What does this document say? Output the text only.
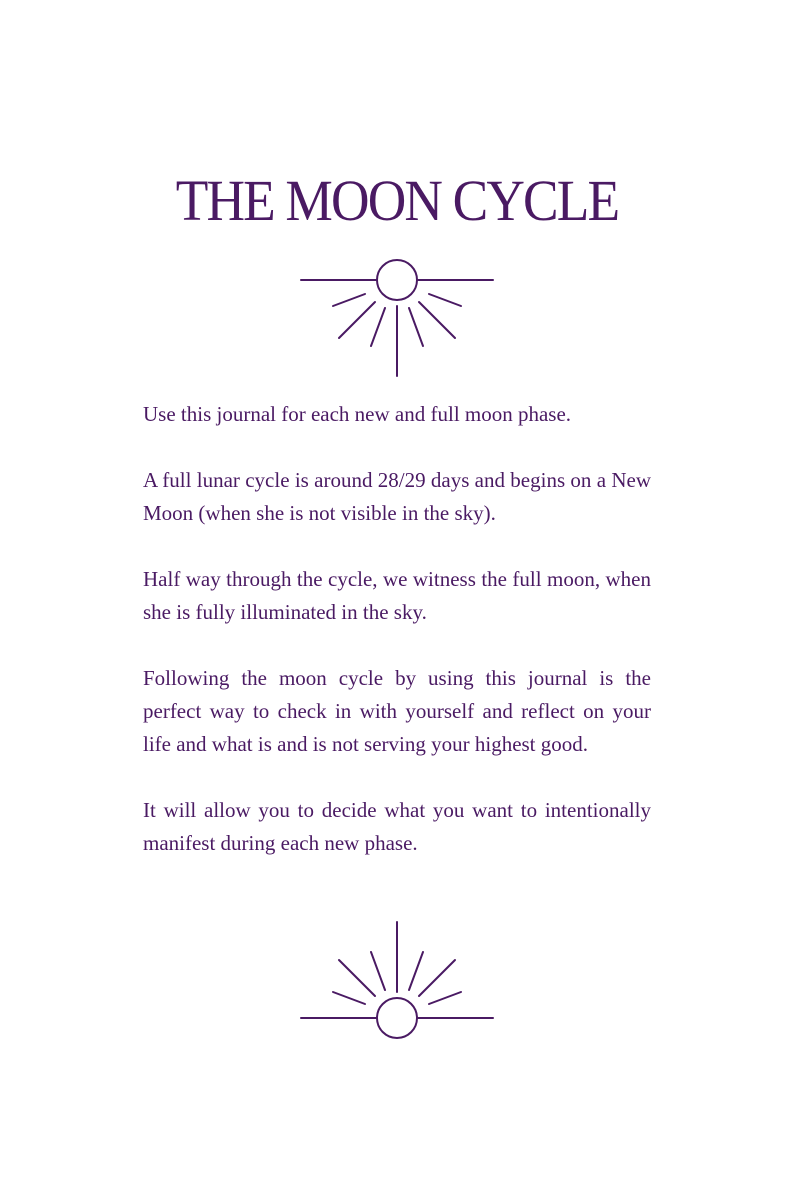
THE MOON CYCLE

Use this journal for each new and full moon phase.

A full lunar cycle is around 28/29 days and begins on a New Moon (when she is not visible in the sky).

Half way through the cycle, we witness the full moon, when she is fully illuminated in the sky.

Following the moon cycle by using this journal is the perfect way to check in with yourself and reflect on your life and what is and is not serving your highest good.

It will allow you to decide what you want to intentionally manifest during each new phase.
